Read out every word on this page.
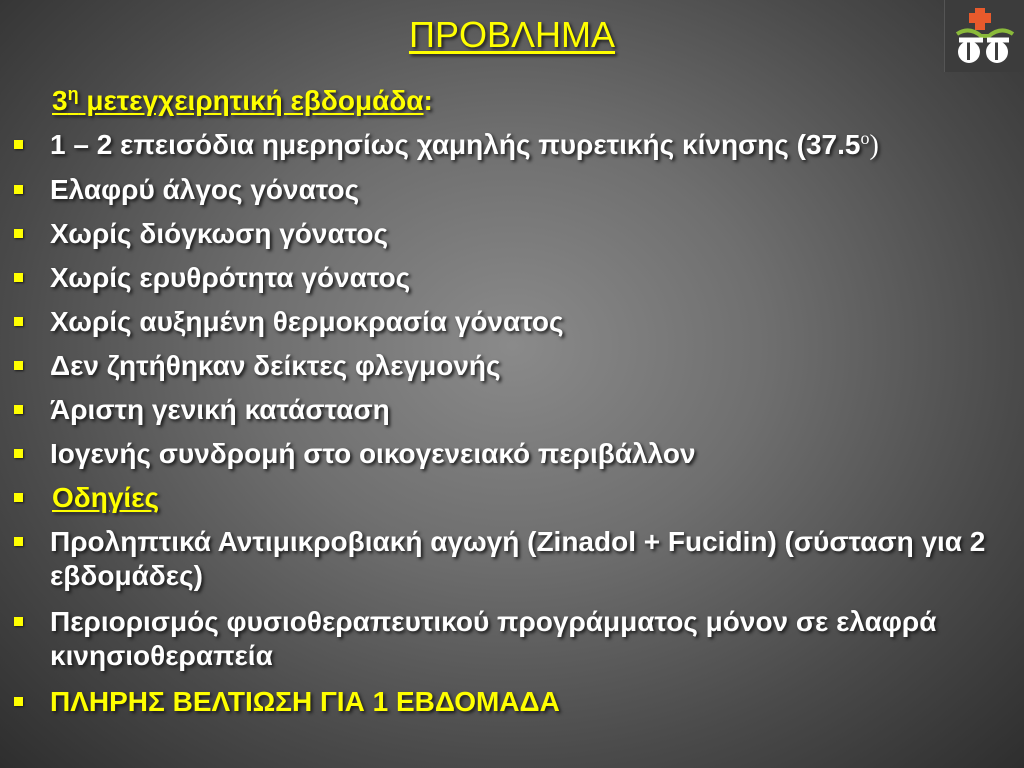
ΠΡΟΒΛΗΜΑ
$3^\eta$ μετεγχειρητική εβδομάδα:
1 – 2 επεισόδια ημερησίως χαμηλής πυρετικής κίνησης $(37.5^o)$
Ελαφρύ άλγος γόνατος
Χωρίς διόγκωση γόνατος
Χωρίς ερυθρότητα γόνατος
Χωρίς αυξημένη θερμοκρασία γόνατος
Δεν ζητήθηκαν δείκτες φλεγμονής
Άριστη γενική κατάσταση
Ιογενής συνδρομή στο οικογενειακό περιβάλλον
Οδηγίες
Προληπτικά Αντιμικροβιακή αγωγή (Zinadol + Fucidin) (σύσταση για 2 εβδομάδες)
Περιορισμός φυσιοθεραπευτικού προγράμματος μόνον σε ελαφρά κινησιοθεραπεία
ΠΛΗΡΗΣ ΒΕΛΤΙΩΣΗ ΓΙΑ 1 ΕΒΔΟΜΑΔΑ
